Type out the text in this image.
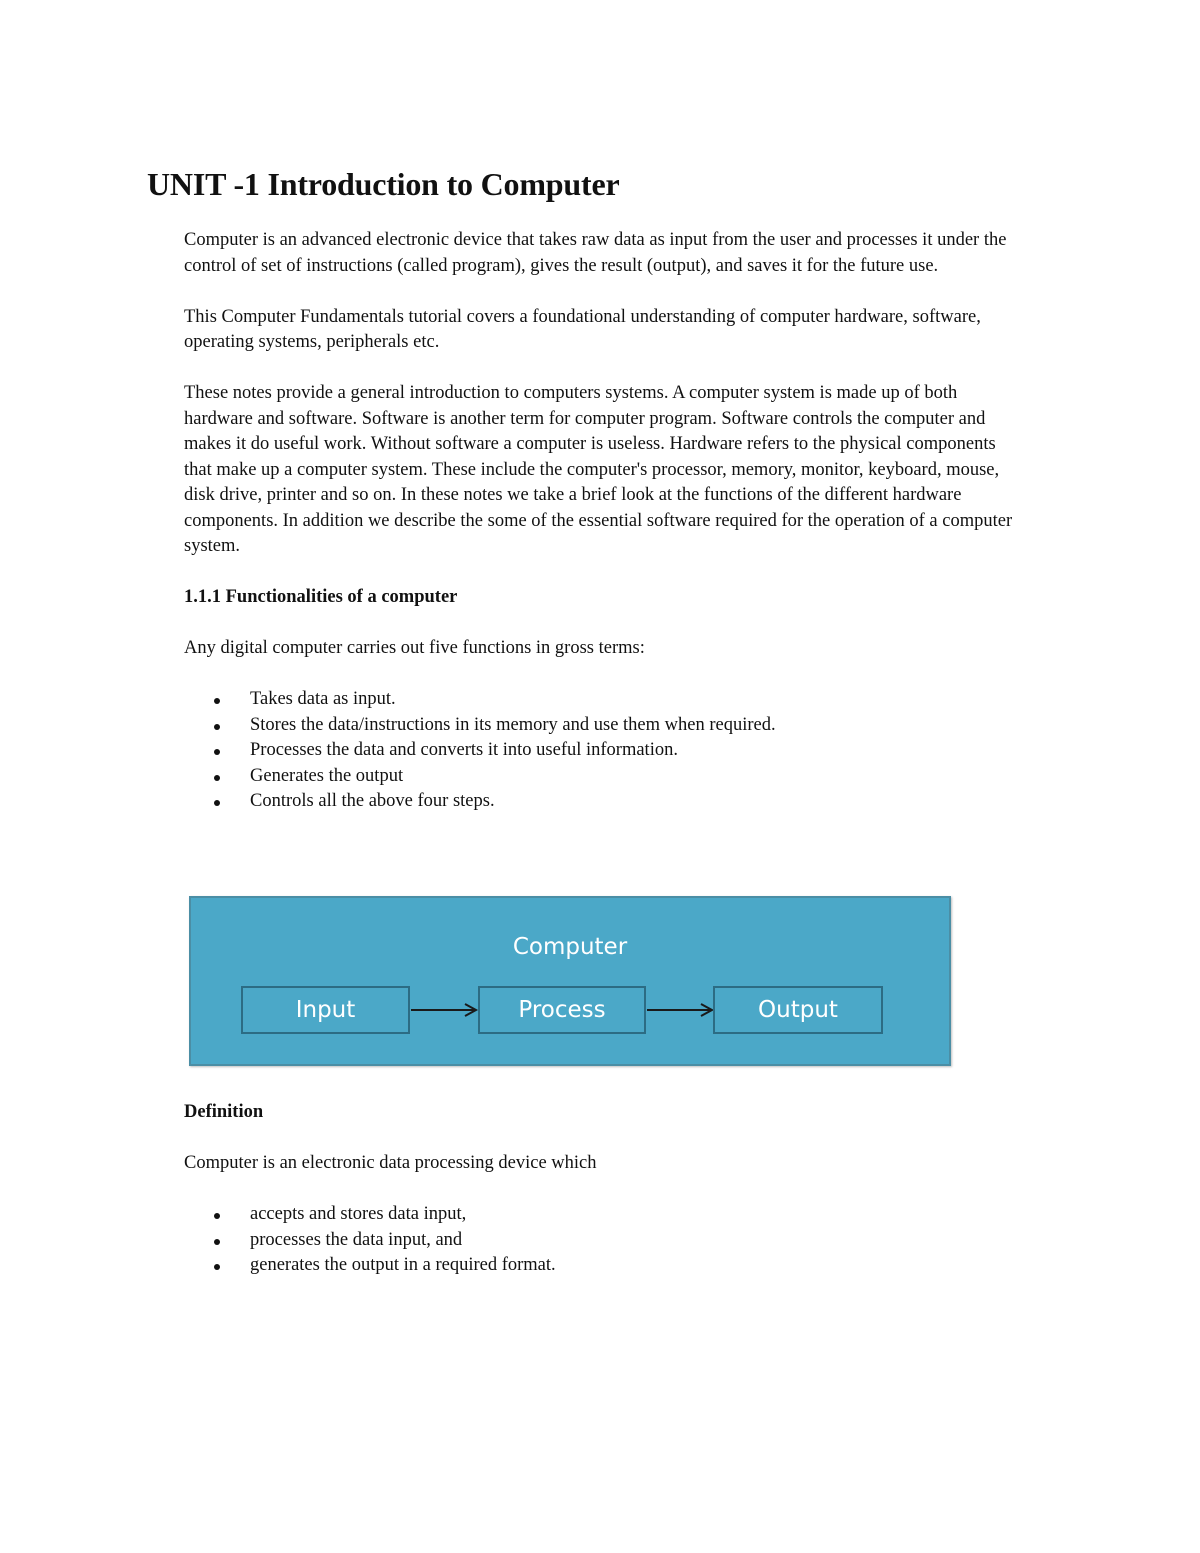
UNIT -1 Introduction to Computer

Computer is an advanced electronic device that takes raw data as input from the user and processes it under the control of set of instructions (called program), gives the result (output), and saves it for the future use.

This Computer Fundamentals tutorial covers a foundational understanding of computer hardware, software, operating systems, peripherals etc.

These notes provide a general introduction to computers systems. A computer system is made up of both hardware and software. Software is another term for computer program. Software controls the computer and makes it do useful work. Without software a computer is useless. Hardware refers to the physical components that make up a computer system. These include the computer's processor, memory, monitor, keyboard, mouse, disk drive, printer and so on. In these notes we take a brief look at the functions of the different hardware components. In addition we describe the some of the essential software required for the operation of a computer system.

1.1.1 Functionalities of a computer

Any digital computer carries out five functions in gross terms:

Takes data as input.
Stores the data/instructions in its memory and use them when required.
Processes the data and converts it into useful information.
Generates the output
Controls all the above four steps.
Computer
Input	Process	Output
Definition

Computer is an electronic data processing device which

accepts and stores data input,
processes the data input, and
generates the output in a required format.
